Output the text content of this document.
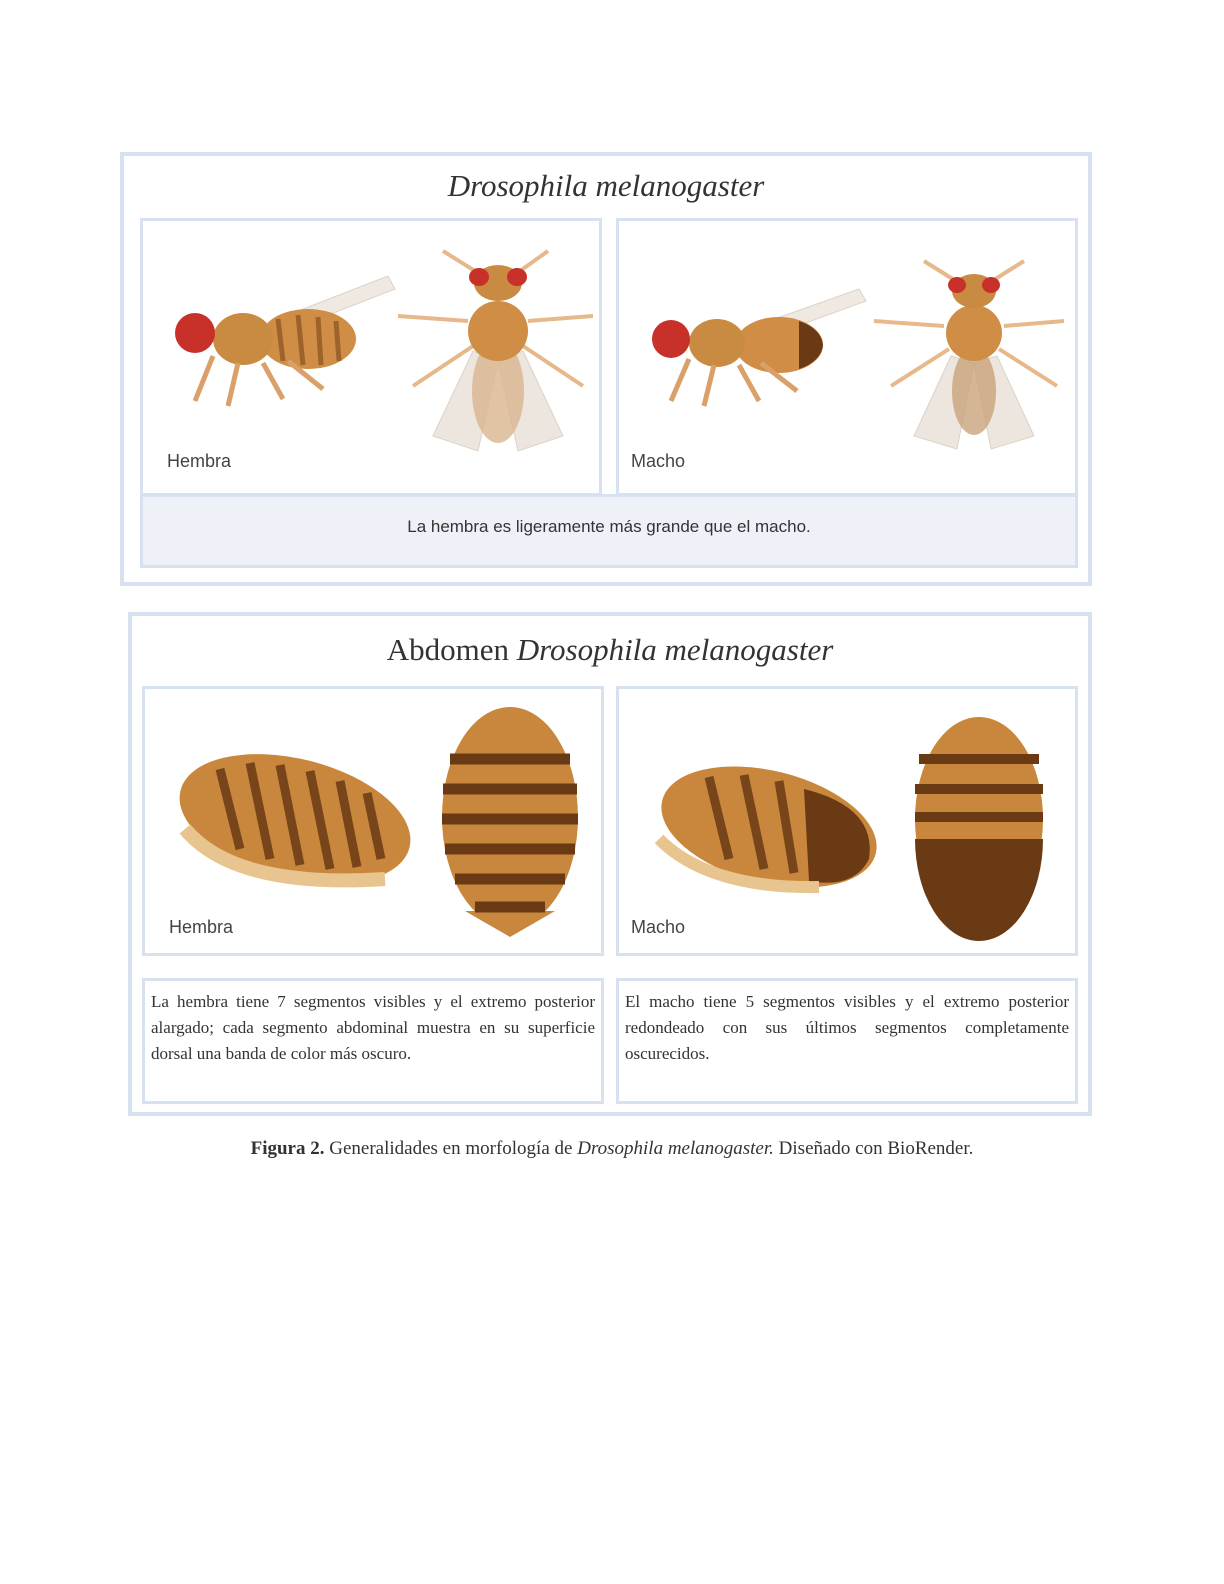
Drosophila melanogaster
Hembra	Macho
La hembra es ligeramente más grande que el macho.
Abdomen Drosophila melanogaster
Hembra	Macho
La hembra tiene 7 segmentos visibles y el extremo posterior alargado; cada segmento abdominal muestra en su superficie dorsal una banda de color más oscuro.
El macho tiene 5 segmentos visibles y el extremo posterior redondeado con sus últimos segmentos completamente oscurecidos.
Figura 2. Generalidades en morfología de Drosophila melanogaster. Diseñado con BioRender.
